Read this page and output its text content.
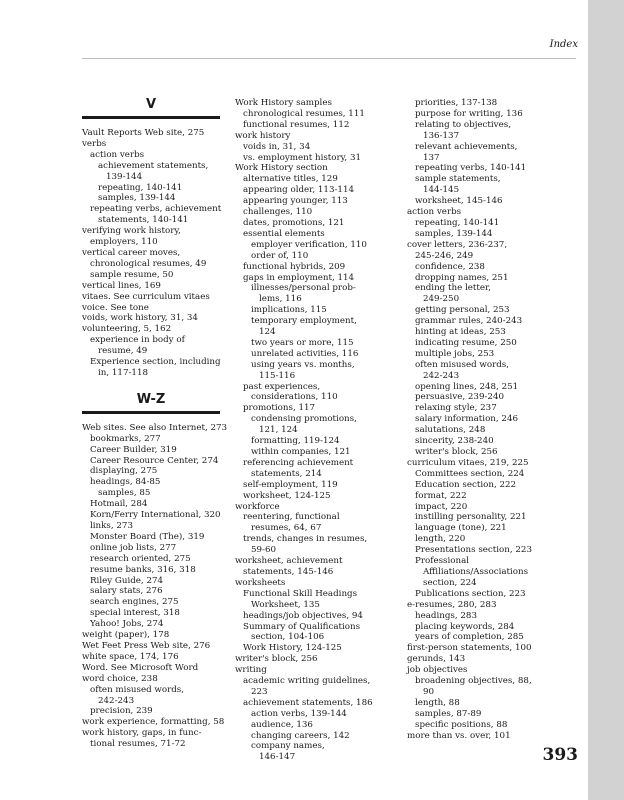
Index
V
Vault Reports Web site, 275
verbs
action verbs
achievement statements,
139-144
repeating, 140-141
samples, 139-144
repeating verbs, achievement
statements, 140-141
verifying work history,
employers, 110
vertical career moves,
chronological resumes, 49
sample resume, 50
vertical lines, 169
vitaes. See curriculum vitaes
voice. See tone
voids, work history, 31, 34
volunteering, 5, 162
experience in body of
resume, 49
Experience section, including
in, 117-118
W-Z
Web sites. See also Internet, 273
bookmarks, 277
Career Builder, 319
Career Resource Center, 274
displaying, 275
headings, 84-85
samples, 85
Hotmail, 284
Korn/Ferry International, 320
links, 273
Monster Board (The), 319
online job lists, 277
research oriented, 275
resume banks, 316, 318
Riley Guide, 274
salary stats, 276
search engines, 275
special interest, 318
Yahoo! Jobs, 274
weight (paper), 178
Wet Feet Press Web site, 276
white space, 174, 176
Word. See Microsoft Word
word choice, 238
often misused words,
242-243
precision, 239
work experience, formatting, 58
work history, gaps, in func-
tional resumes, 71-72
Work History samples
chronological resumes, 111
functional resumes, 112
work history
voids in, 31, 34
vs. employment history, 31
Work History section
alternative titles, 129
appearing older, 113-114
appearing younger, 113
challenges, 110
dates, promotions, 121
essential elements
employer verification, 110
order of, 110
functional hybrids, 209
gaps in employment, 114
illnesses/personal prob-
lems, 116
implications, 115
temporary employment,
124
two years or more, 115
unrelated activities, 116
using years vs. months,
115-116
past experiences,
considerations, 110
promotions, 117
condensing promotions,
121, 124
formatting, 119-124
within companies, 121
referencing achievement
statements, 214
self-employment, 119
worksheet, 124-125
workforce
reentering, functional
resumes, 64, 67
trends, changes in resumes,
59-60
worksheet, achievement
statements, 145-146
worksheets
Functional Skill Headings
Worksheet, 135
headings/job objectives, 94
Summary of Qualifications
section, 104-106
Work History, 124-125
writer's block, 256
writing
academic writing guidelines,
223
achievement statements, 186
action verbs, 139-144
audience, 136
changing careers, 142
company names,
146-147
priorities, 137-138
purpose for writing, 136
relating to objectives,
136-137
relevant achievements,
137
repeating verbs, 140-141
sample statements,
144-145
worksheet, 145-146
action verbs
repeating, 140-141
samples, 139-144
cover letters, 236-237,
245-246, 249
confidence, 238
dropping names, 251
ending the letter,
249-250
getting personal, 253
grammar rules, 240-243
hinting at ideas, 253
indicating resume, 250
multiple jobs, 253
often misused words,
242-243
opening lines, 248, 251
persuasive, 239-240
relaxing style, 237
salary information, 246
salutations, 248
sincerity, 238-240
writer's block, 256
curriculum vitaes, 219, 225
Committees section, 224
Education section, 222
format, 222
impact, 220
instilling personality, 221
language (tone), 221
length, 220
Presentations section, 223
Professional
Affiliations/Associations
section, 224
Publications section, 223
e-resumes, 280, 283
headings, 283
placing keywords, 284
years of completion, 285
first-person statements, 100
gerunds, 143
job objectives
broadening objectives, 88,
90
length, 88
samples, 87-89
specific positions, 88
more than vs. over, 101
393
